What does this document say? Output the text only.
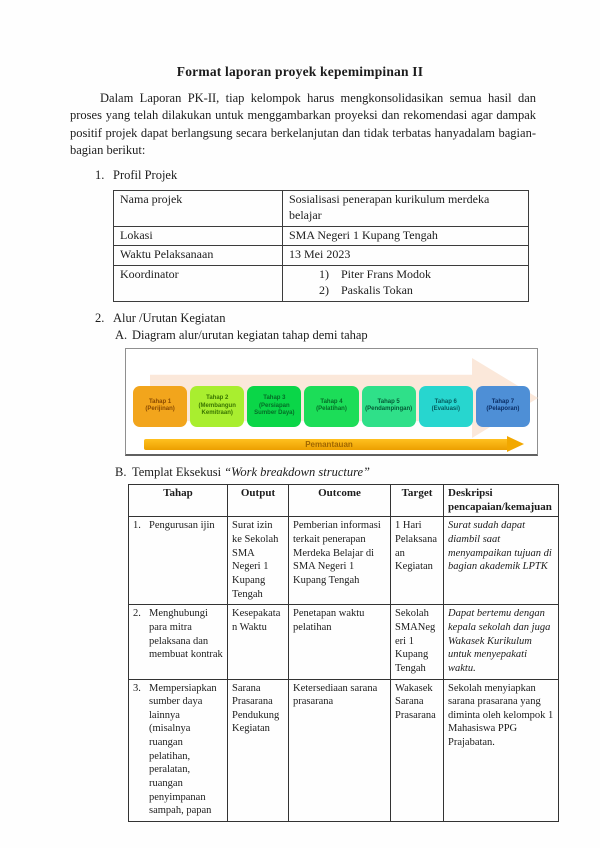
Format laporan proyek kepemimpinan II

Dalam Laporan PK-II, tiap kelompok harus mengkonsolidasikan semua hasil dan proses yang telah dilakukan untuk menggambarkan proyeksi dan rekomendasi agar dampak positif projek dapat berlangsung secara berkelanjutan dan tidak terbatas hanyadalam bagian-bagian berikut:

1. Profil Projek
Nama projek	Sosialisasi penerapan kurikulum merdeka belajar
Lokasi	SMA Negeri 1 Kupang Tengah
Waktu Pelaksanaan	13 Mei 2023
Koordinator	1) Piter Frans Modok
2) Paskalis Tokan
2. Alur /Urutan Kegiatan
A. Diagram alur/urutan kegiatan tahap demi tahap
Tahap 1
(Perijinan)
Tahap 2
(Membangun Kemitraan)
Tahap 3
(Persiapan Sumber Daya)
Tahap 4
(Pelatihan)
Tahap 5
(Pendampingan)
Tahap 6
(Evaluasi)
Tahap 7
(Pelaporan)
Pemantauan
B. Templat Eksekusi “Work breakdown structure”
Tahap	Output	Outcome	Target	Deskripsi pencapaian/kemajuan

1. Pengurusan ijin	Surat izin ke Sekolah SMA Negeri 1 Kupang Tengah	Pemberian informasi terkait penerapan Merdeka Belajar di SMA Negeri 1 Kupang Tengah	1 Hari Pelaksanaan Kegiatan	Surat sudah dapat diambil saat menyampaikan tujuan di bagian akademik LPTK

2. Menghubungi para mitra pelaksana dan membuat kontrak	Kesepakatan Waktu	Penetapan waktu pelatihan	Sekolah SMANegeri 1 Kupang Tengah	Dapat bertemu dengan kepala sekolah dan juga Wakasek Kurikulum untuk menyepakati waktu.

3. Mempersiapkan sumber daya lainnya (misalnya ruangan pelatihan, peralatan, ruangan penyimpanan sampah, papan	Sarana Prasarana Pendukung Kegiatan	Ketersediaan sarana prasarana	Wakasek Sarana Prasarana	Sekolah menyiapkan sarana prasarana yang diminta oleh kelompok 1 Mahasiswa PPG Prajabatan.
